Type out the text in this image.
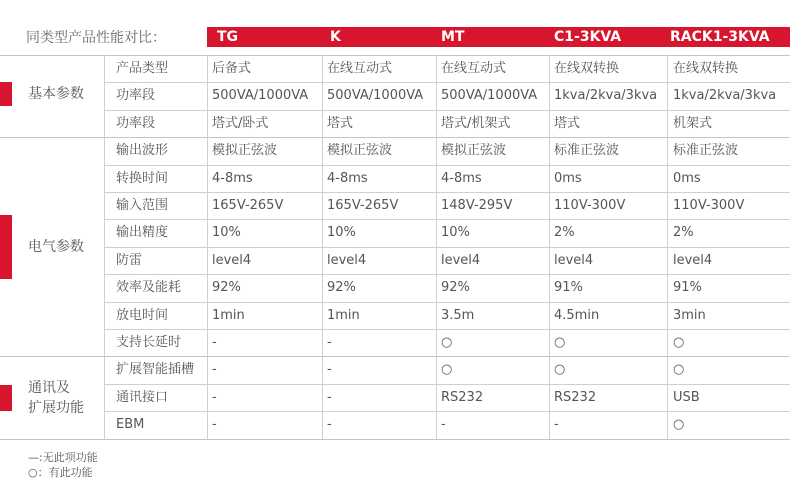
同类型产品性能对比：	TG	K	MT	C1-3KVA	RACK1-3KVA
基本参数
电气参数
通讯及
扩展功能
产品类型	后备式	在线互动式	在线互动式	在线双转换	在线双转换
功率段	500VA/1000VA 500VA/1000VA 500VA/1000VA 1kva/2kva/3kva 1kva/2kva/3kva
功率段	塔式/卧式	塔式	塔式/机架式	塔式	机架式
输出波形	模拟正弦波	模拟正弦波	模拟正弦波	标准正弦波	标准正弦波
转换时间	4-8ms	4-8ms	4-8ms	0ms	0ms
输入范围	165V-265V	165V-265V	148V-295V	110V-300V	110V-300V
输出精度	10%	10%	10%	2%	2%
防雷	level4	level4	level4	level4	level4
效率及能耗 92%	92%	92%	91%	91%
放电时间	1min	1min	3.5m	4.5min	3min
支持长延时 -	-	○	○	○
扩展智能插槽 -	-	○	○	○
通讯接口	-	-	RS232	RS232	USB
EBM	-	-	-	-	○
—:无此项功能
○：有此功能
